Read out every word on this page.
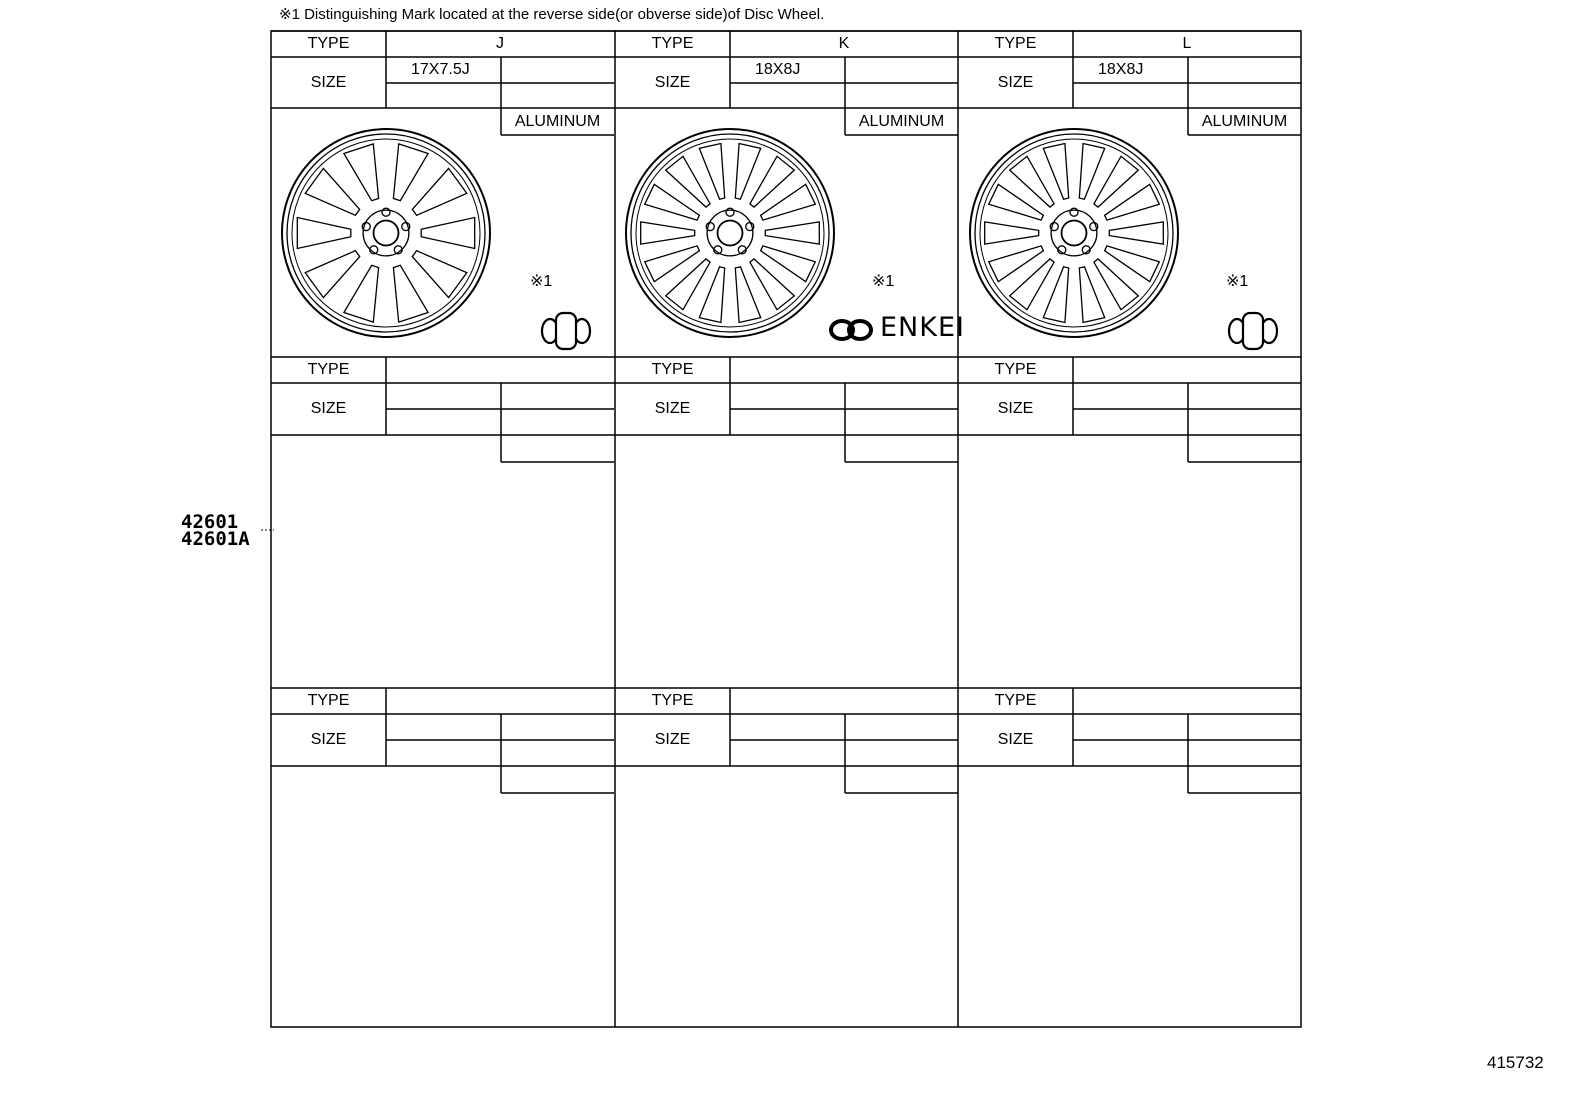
※1 Distinguishing Mark located at the reverse side(or obverse side)of Disc Wheel.
TYPE
SIZE
J
17X7.5J
ALUMINUM
TYPE
SIZE
K
18X8J
ALUMINUM
TYPE
SIZE
L
18X8J
ALUMINUM
TYPE
SIZE
TYPE
SIZE
TYPE
SIZE
TYPE
SIZE
TYPE
SIZE
TYPE
SIZE
※1	※1	※1
ENKEI
42601
42601A
415732
